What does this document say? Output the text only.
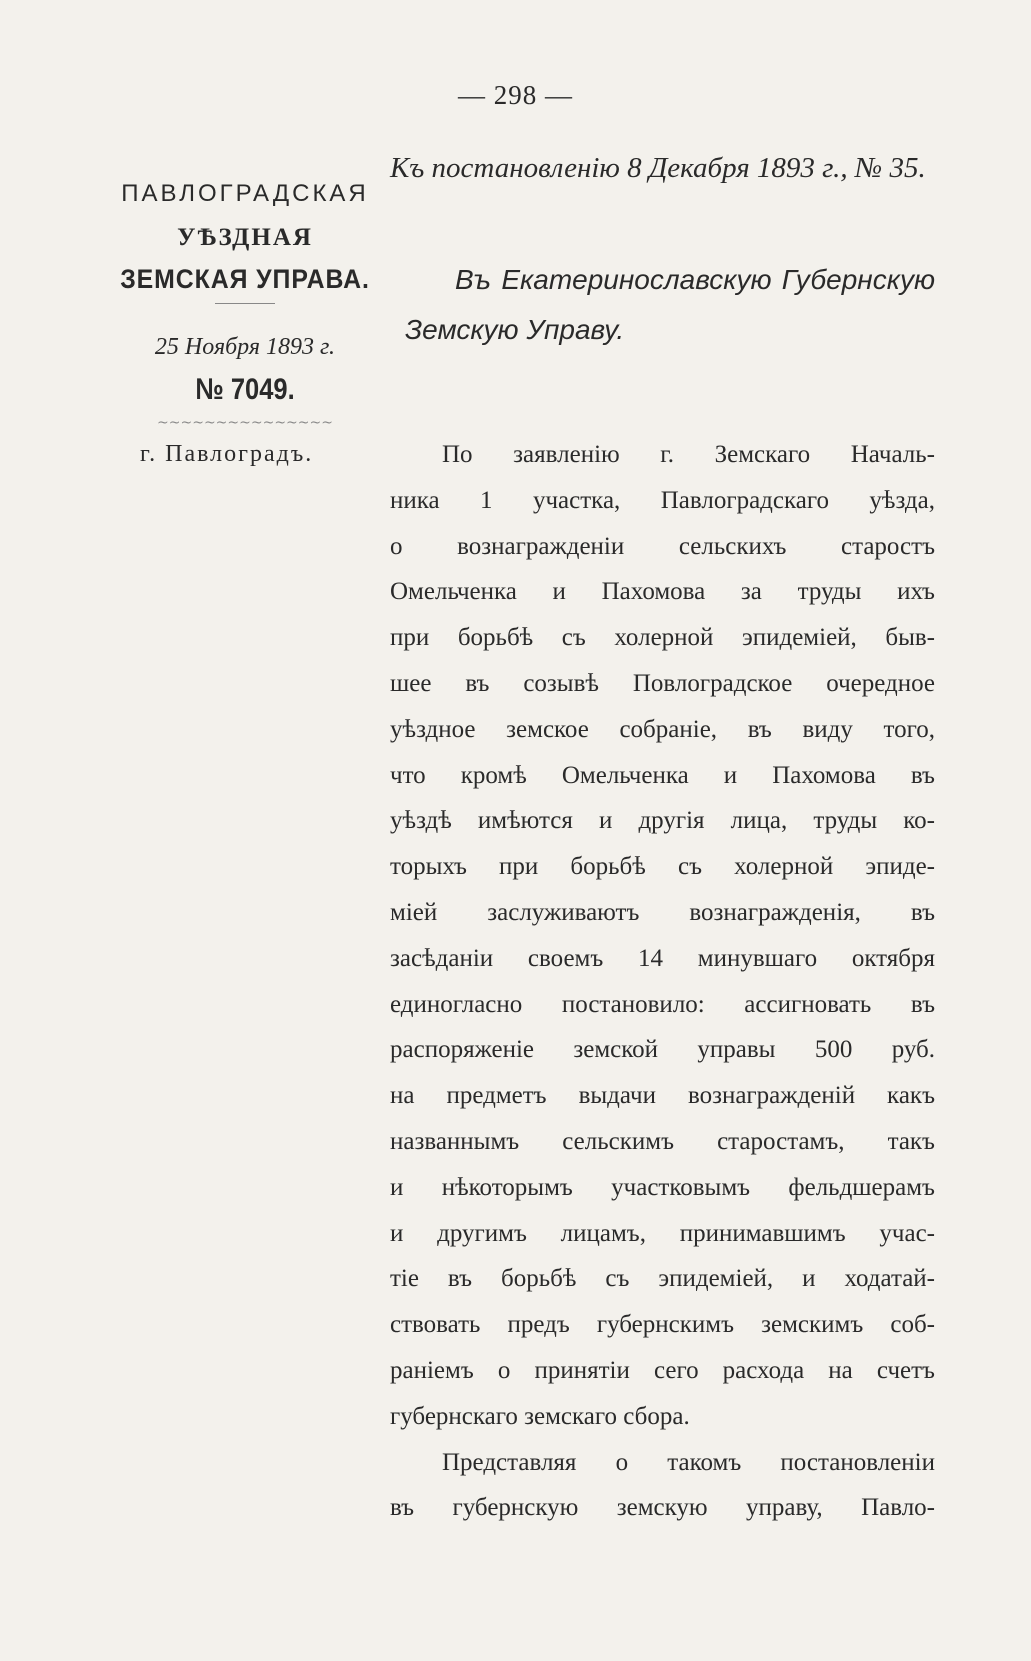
— 298 —
Къ постановленію 8 Декабря 1893 г., № 35.
ПАВЛОГРАДСКАЯ
УѢЗДНАЯ
ЗЕМСКАЯ УПРАВА.
25 Ноября 1893 г.
№ 7049.
~~~~~~~~~~~~~~~
г. Павлоградъ.
Въ Екатеринославскую Губернскую
Земскую Управу.
По заявленію г. Земскаго Началь-
ника 1 участка, Павлоградскаго уѣзда,
о вознагражденіи сельскихъ старостъ
Омельченка и Пахомова за труды ихъ
при борьбѣ съ холерной эпидеміей, быв-
шее въ созывѣ Повлоградское очередное
уѣздное земское собраніе, въ виду того,
что кромѣ Омельченка и Пахомова въ
уѣздѣ имѣются и другія лица, труды ко-
торыхъ при борьбѣ съ холерной эпиде-
міей заслуживаютъ вознагражденія, въ
засѣданіи своемъ 14 минувшаго октября
единогласно постановило: ассигновать въ
распоряженіе земской управы 500 руб.
на предметъ выдачи вознагражденій какъ
названнымъ сельскимъ старостамъ, такъ
и нѣкоторымъ участковымъ фельдшерамъ
и другимъ лицамъ, принимавшимъ учас-
тіе въ борьбѣ съ эпидеміей, и ходатай-
ствовать предъ губернскимъ земскимъ соб-
раніемъ о принятіи сего расхода на счетъ
губернскаго земскаго сбора.
Представляя о такомъ постановленіи
въ губернскую земскую управу, Павло-
